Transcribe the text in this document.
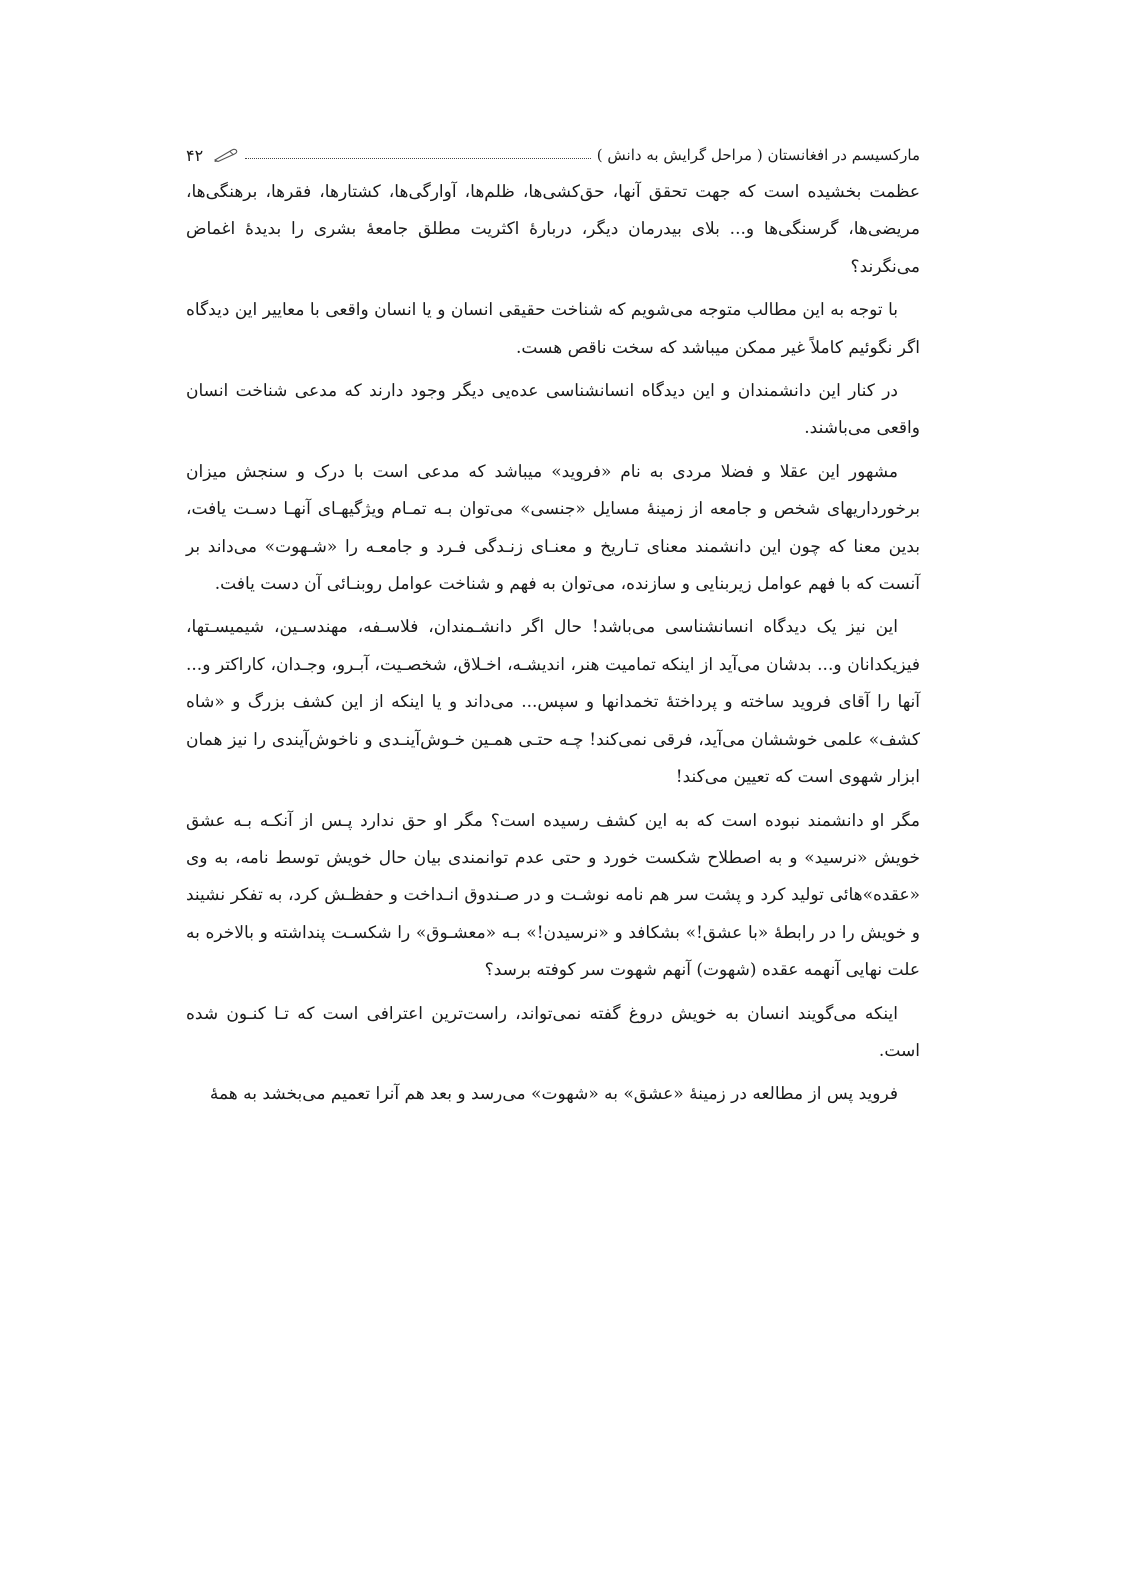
مارکسیسم در افغانستان ( مراحل گرایش به دانش )
۴۲

عظمت بخشیده است که جهت تحقق آنها، حق‌کشی‌ها، ظلم‌ها، آوارگی‌ها، کشتارها، فقرها، برهنگی‌ها، مریضی‌ها، گرسنگی‌ها و... بلای بیدرمان دیگر، دربارهٔ اکثریت مطلق جامعهٔ بشری را بدیدهٔ اغماض می‌نگرند؟

با توجه به این مطالب متوجه می‌شویم که شناخت حقیقی انسان و یا انسان واقعی با معاییر این دیدگاه اگر نگوئیم کاملاً غیر ممکن میباشد که سخت ناقص هست.

در کنار این دانشمندان و این دیدگاه انسانشناسی عده‌یی دیگر وجود دارند که مدعی شناخت انسان واقعی می‌باشند.

مشهور این عقلا و فضلا مردی به نام «فروید» میباشد که مدعی است با درک و سنجش میزان برخوردار‌یهای شخص و جامعه از زمینهٔ مسایل «جنسی» می‌توان بـه تمـام ویژگیهـای آنهـا دسـت یافت، بدین معنا که چون این دانشمند معنای تـاریخ و معنـای زنـدگی فـرد و جامعـه را «شـهوت» می‌داند بر آنست که با فهم عوامل زیربنایی و سازنده، می‌توان به فهم و شناخت عوامل روبنـائی آن دست یافت.

این نیز یک دیدگاه انسانشناسی می‌باشد! حال اگر دانشـمندان، فلاسـفه، مهندسـین، شیمیسـتها، فیزیکدانان و... بدشان می‌آید از اینکه تمامیت هنر، اندیشـه، اخـلاق، شخصـیت، آبـرو، وجـدان، کاراکتر و... آنها را آقای فروید ساخته و پرداختهٔ تخمدانها و سپس... می‌داند و یا اینکه از این کشف بزرگ و «شاه کشف» علمی خوششان می‌آید، فرقی نمی‌کند! چـه حتـی همـین خـوش‌آینـدی و ناخوش‌آیندی را نیز همان ابزار شهوی است که تعیین می‌کند!

مگر او دانشمند نبوده است که به این کشف رسیده است؟ مگر او حق ندارد پـس از آنکـه بـه عشق خویش «نرسید» و به اصطلاح شکست خورد و حتی عدم توانمندی بیان حال خویش توسط نامه، به وی «عقده»هائی تولید کرد و پشت سر هم نامه نوشـت و در صـندوق انـداخت و حفظـش کرد، به تفکر نشیند و خویش را در رابطهٔ «با عشق!» بشکافد و «نرسیدن!» بـه «معشـوق» را شکسـت پنداشته و بالاخره به علت نهایی آنهمه عقده (شهوت) آنهم شهوت سر کوفته برسد؟

اینکه می‌گویند انسان به خویش دروغ گفته نمی‌تواند، راست‌ترین اعترافی است که تـا کنـون شده است.

فروید پس از مطالعه در زمینهٔ «عشق» به «شهوت» می‌رسد و بعد هم آنرا تعمیم می‌بخشد به همهٔ
